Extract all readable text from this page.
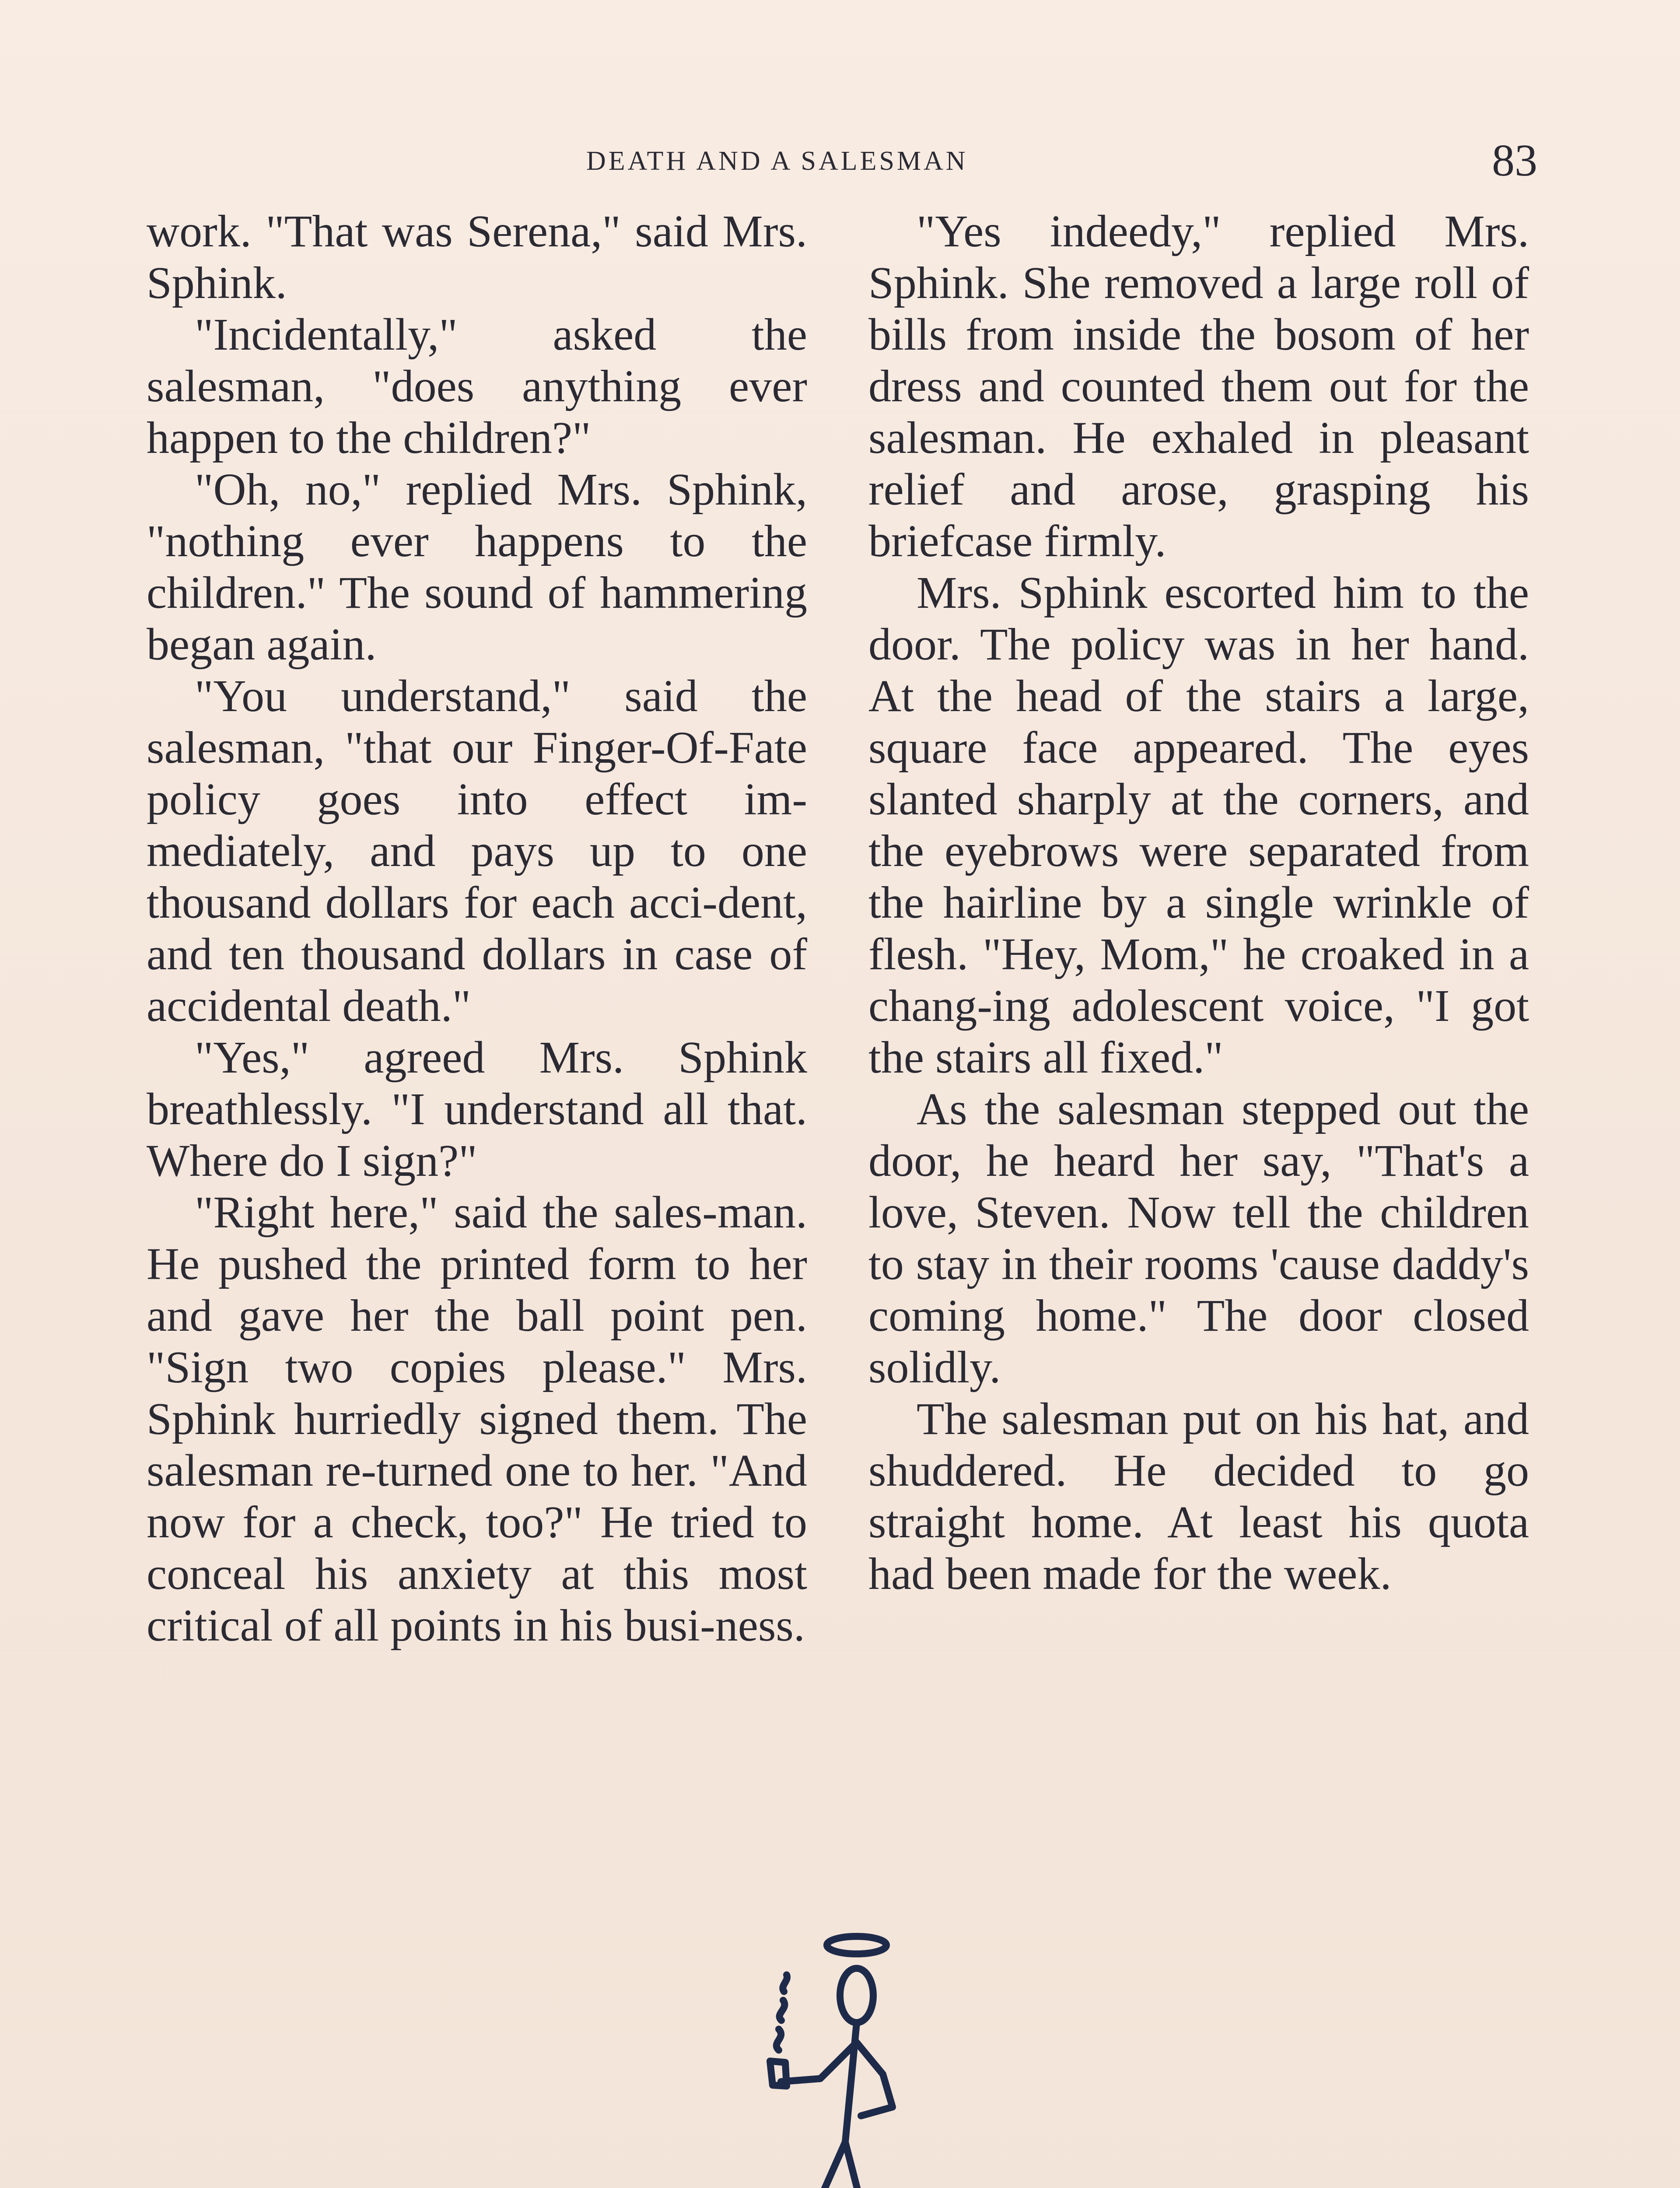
DEATH AND A SALESMAN	83

work. "That was Serena," said Mrs. Sphink.

"Incidentally," asked the salesman, "does anything ever happen to the children?"

"Oh, no," replied Mrs. Sphink, "nothing ever happens to the children." The sound of hammering began again.

"You understand," said the salesman, "that our Finger-Of-Fate policy goes into effect im-mediately, and pays up to one thousand dollars for each acci-dent, and ten thousand dollars in case of accidental death."

"Yes," agreed Mrs. Sphink breathlessly. "I understand all that. Where do I sign?"

"Right here," said the sales-man. He pushed the printed form to her and gave her the ball point pen. "Sign two copies please." Mrs. Sphink hurriedly signed them. The salesman re-turned one to her. "And now for a check, too?" He tried to conceal his anxiety at this most critical of all points in his busi-ness.

"Yes indeedy," replied Mrs. Sphink. She removed a large roll of bills from inside the bosom of her dress and counted them out for the salesman. He exhaled in pleasant relief and arose, grasping his briefcase firmly.

Mrs. Sphink escorted him to the door. The policy was in her hand. At the head of the stairs a large, square face appeared. The eyes slanted sharply at the corners, and the eyebrows were separated from the hairline by a single wrinkle of flesh. "Hey, Mom," he croaked in a chang-ing adolescent voice, "I got the stairs all fixed."

As the salesman stepped out the door, he heard her say, "That's a love, Steven. Now tell the children to stay in their rooms 'cause daddy's coming home." The door closed solidly.

The salesman put on his hat, and shuddered. He decided to go straight home. At least his quota had been made for the week.
